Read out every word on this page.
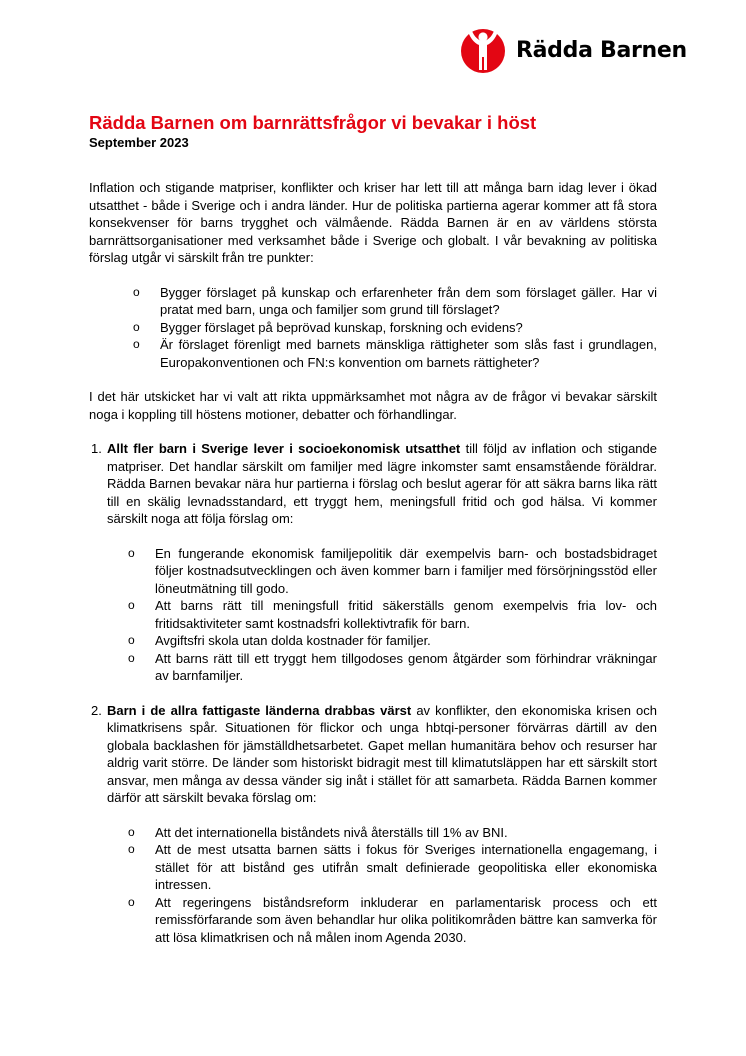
Rädda Barnen
Rädda Barnen om barnrättsfrågor vi bevakar i höst
September 2023

Inflation och stigande matpriser, konflikter och kriser har lett till att många barn idag lever i ökad utsatthet - både i Sverige och i andra länder. Hur de politiska partierna agerar kommer att få stora konsekvenser för barns trygghet och välmående. Rädda Barnen är en av världens största barnrättsorganisationer med verksamhet både i Sverige och globalt. I vår bevakning av politiska förslag utgår vi särskilt från tre punkter:

o Bygger förslaget på kunskap och erfarenheter från dem som förslaget gäller. Har vi pratat med barn, unga och familjer som grund till förslaget?
o Bygger förslaget på beprövad kunskap, forskning och evidens?
o Är förslaget förenligt med barnets mänskliga rättigheter som slås fast i grundlagen, Europakonventionen och FN:s konvention om barnets rättigheter?

I det här utskicket har vi valt att rikta uppmärksamhet mot några av de frågor vi bevakar särskilt noga i koppling till höstens motioner, debatter och förhandlingar.

1. Allt fler barn i Sverige lever i socioekonomisk utsatthet till följd av inflation och stigande matpriser. Det handlar särskilt om familjer med lägre inkomster samt ensamstående föräldrar. Rädda Barnen bevakar nära hur partierna i förslag och beslut agerar för att säkra barns lika rätt till en skälig levnadsstandard, ett tryggt hem, meningsfull fritid och god hälsa. Vi kommer särskilt noga att följa förslag om:

o En fungerande ekonomisk familjepolitik där exempelvis barn- och bostadsbidraget följer kostnadsutvecklingen och även kommer barn i familjer med försörjningsstöd eller löneutmätning till godo.
o Att barns rätt till meningsfull fritid säkerställs genom exempelvis fria lov- och fritidsaktiviteter samt kostnadsfri kollektivtrafik för barn.
o Avgiftsfri skola utan dolda kostnader för familjer.
o Att barns rätt till ett tryggt hem tillgodoses genom åtgärder som förhindrar vräkningar av barnfamiljer.
2. Barn i de allra fattigaste länderna drabbas värst av konflikter, den ekonomiska krisen och klimatkrisens spår. Situationen för flickor och unga hbtqi-personer förvärras därtill av den globala backlashen för jämställdhetsarbetet. Gapet mellan humanitära behov och resurser har aldrig varit större. De länder som historiskt bidragit mest till klimatutsläppen har ett särskilt stort ansvar, men många av dessa vänder sig inåt i stället för att samarbeta. Rädda Barnen kommer därför att särskilt bevaka förslag om:

o Att det internationella biståndets nivå återställs till 1% av BNI.
o Att de mest utsatta barnen sätts i fokus för Sveriges internationella engagemang, i stället för att bistånd ges utifrån smalt definierade geopolitiska eller ekonomiska intressen.
o Att regeringens biståndsreform inkluderar en parlamentarisk process och ett remissförfarande som även behandlar hur olika politikområden bättre kan samverka för att lösa klimatkrisen och nå målen inom Agenda 2030.
